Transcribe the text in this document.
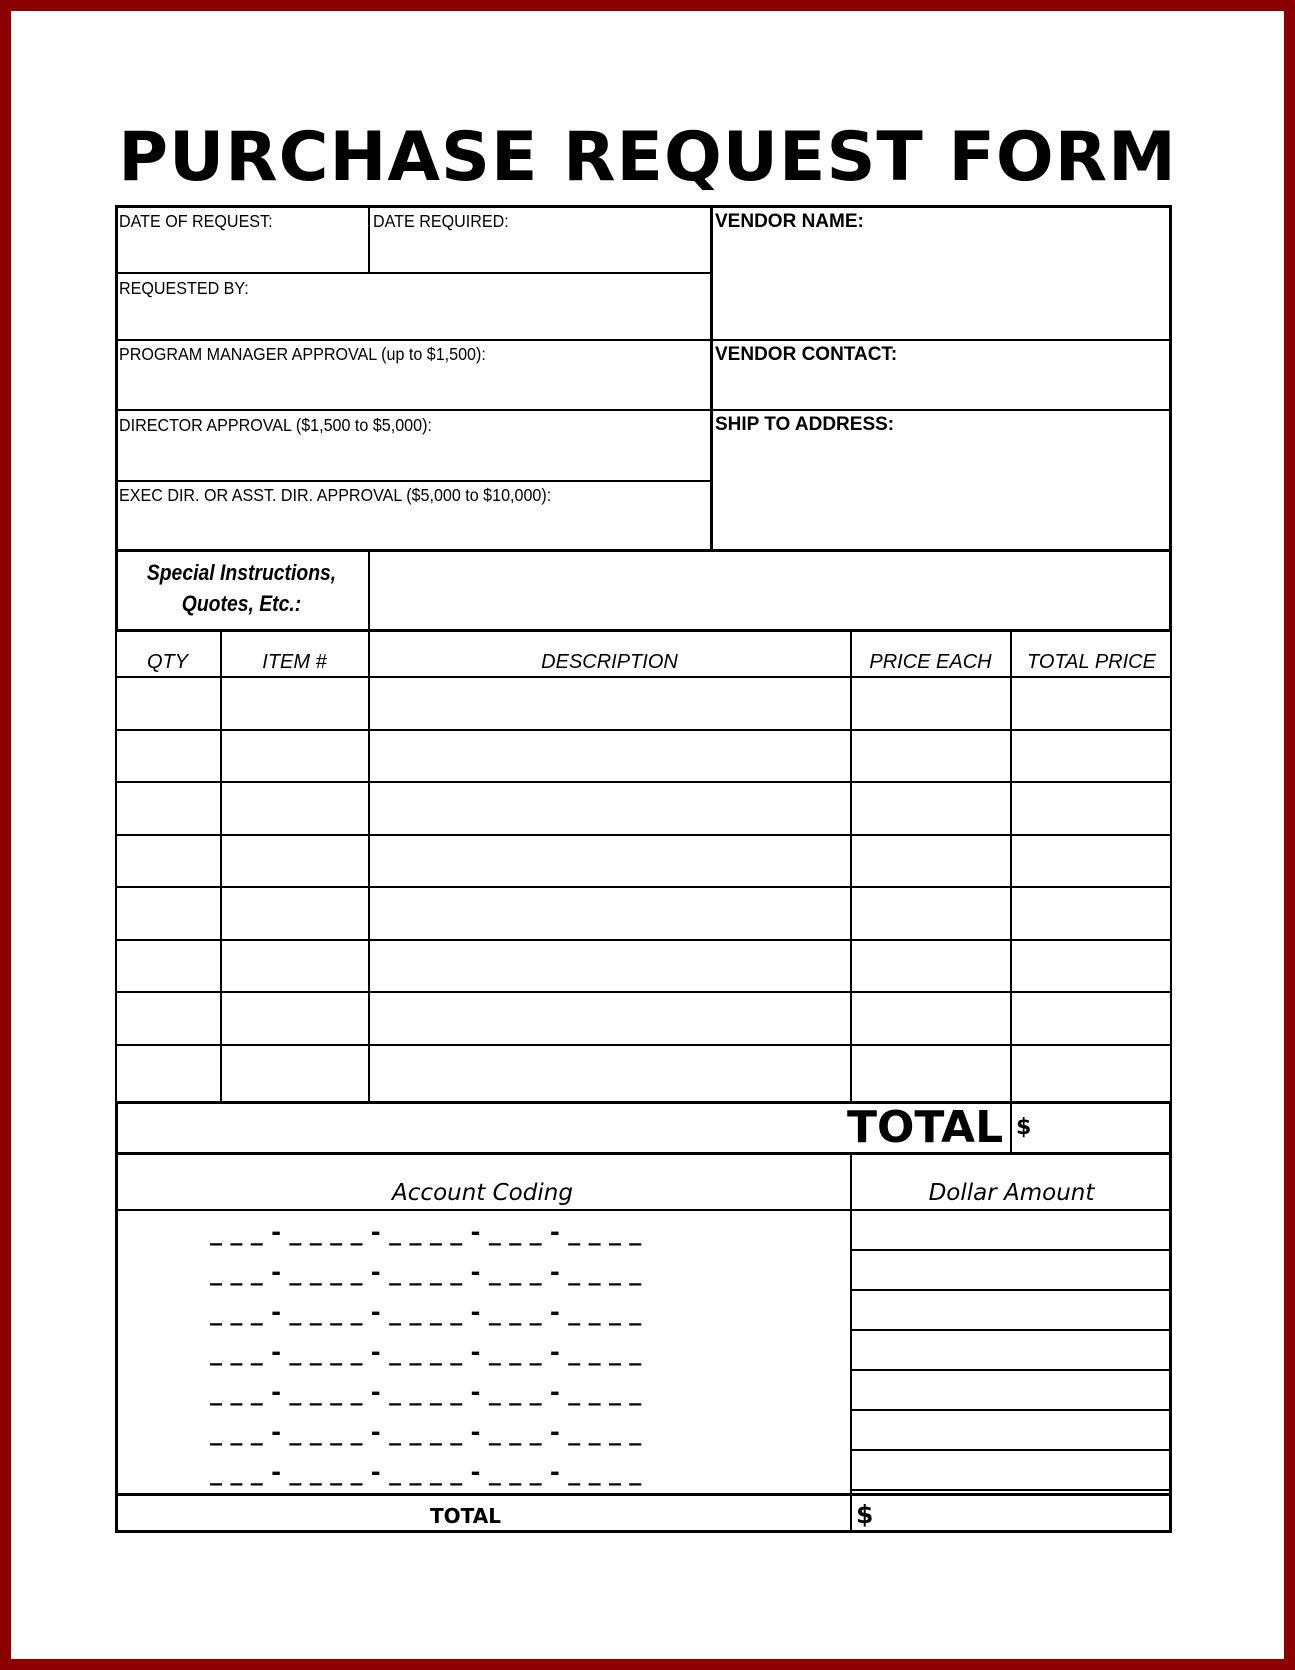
PURCHASE REQUEST FORM
DATE OF REQUEST:	DATE REQUIRED:
REQUESTED BY:
PROGRAM MANAGER APPROVAL (up to $1,500):
DIRECTOR APPROVAL ($1,500 to $5,000):
EXEC DIR. OR ASST. DIR. APPROVAL ($5,000 to $10,000):
VENDOR NAME:
VENDOR CONTACT:
SHIP TO ADDRESS:
Special Instructions,
Quotes, Etc.:
QTY	ITEM #	DESCRIPTION	PRICE EACH	TOTAL PRICE
TOTAL $
Account Coding	Dollar Amount
_ _ _ - _ _ _ _ - _ _ _ _ - _ _ _ - _ _ _ _
_ _ _ - _ _ _ _ - _ _ _ _ - _ _ _ - _ _ _ _
_ _ _ - _ _ _ _ - _ _ _ _ - _ _ _ - _ _ _ _
_ _ _ - _ _ _ _ - _ _ _ _ - _ _ _ - _ _ _ _
_ _ _ - _ _ _ _ - _ _ _ _ - _ _ _ - _ _ _ _
_ _ _ - _ _ _ _ - _ _ _ _ - _ _ _ - _ _ _ _
_ _ _ - _ _ _ _ - _ _ _ _ - _ _ _ - _ _ _ _
TOTAL	$
